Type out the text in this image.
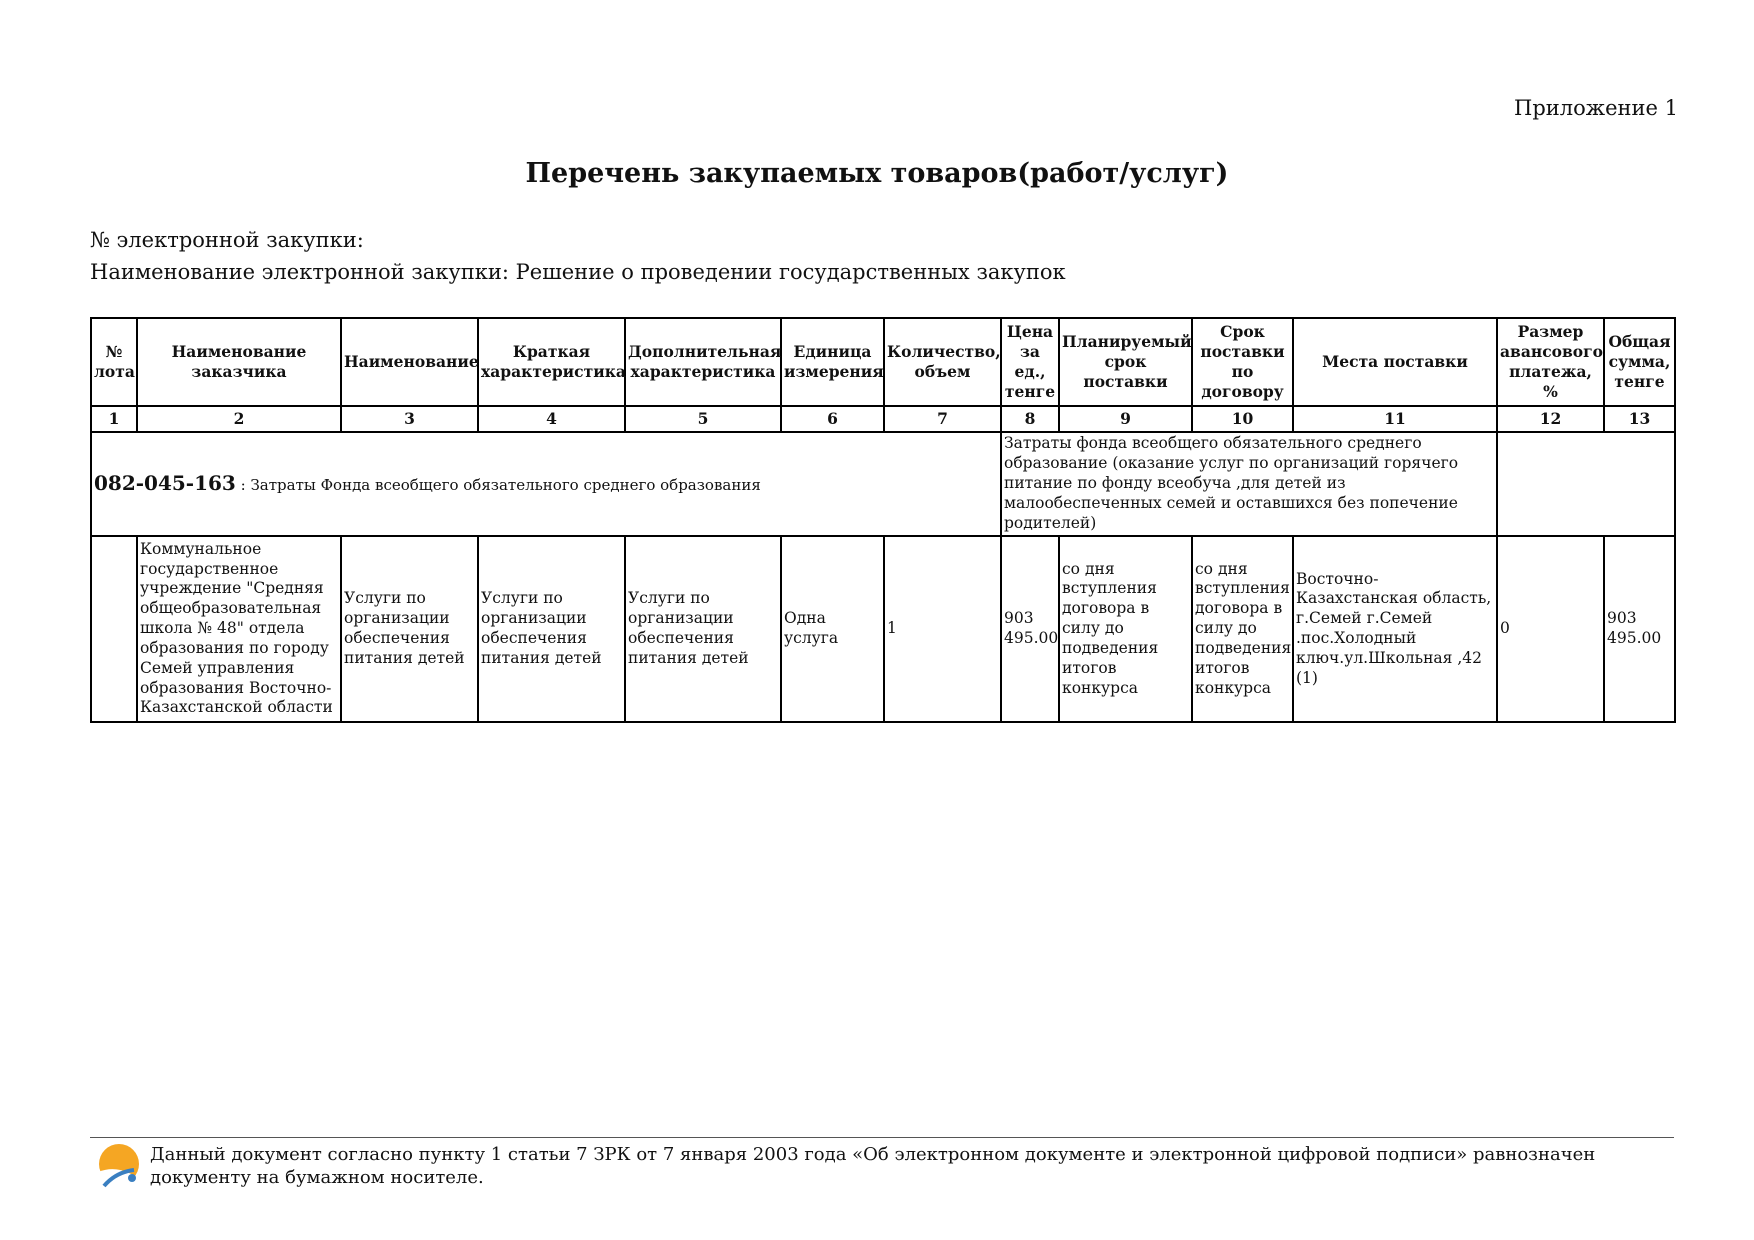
Приложение 1
Перечень закупаемых товаров(работ/услуг)
№ электронной закупки:
Наименование электронной закупки: Решение о проведении государственных закупок
№ лота	Наименование заказчика	Наименование	Краткая характеристика	Дополнительная характеристика	Единица измерения	Количество, объем	Цена за ед., тенге	Планируемый срок поставки	Срок поставки по договору	Места поставки	Размер авансового платежа, %	Общая сумма, тенге
1	2	3	4	5	6	7	8	9	10	11	12	13
082-045-163 : Затраты Фонда всеобщего обязательного среднего образования							Затраты фонда всеобщего обязательного среднего образование (оказание услуг по организаций горячего питание по фонду всеобуча ,для детей из малообеспеченных семей и оставшихся без попечение родителей)					
	Коммунальное государственное учреждение "Средняя общеобразовательная школа № 48" отдела образования по городу Семей управления образования Восточно-Казахстанской области	Услуги по организации обеспечения питания детей	Услуги по организации обеспечения питания детей	Услуги по организации обеспечения питания детей	Одна услуга	1	903 495.00	со дня вступления договора в силу до подведения итогов конкурса	со дня вступления договора в силу до подведения итогов конкурса	Восточно-Казахстанская область, г.Семей г.Семей .пос.Холодный ключ.ул.Школьная ,42 (1)	0	903 495.00
Данный документ согласно пункту 1 статьи 7 ЗРК от 7 января 2003 года «Об электронном документе и электронной цифровой подписи» равнозначен документу на бумажном носителе.
